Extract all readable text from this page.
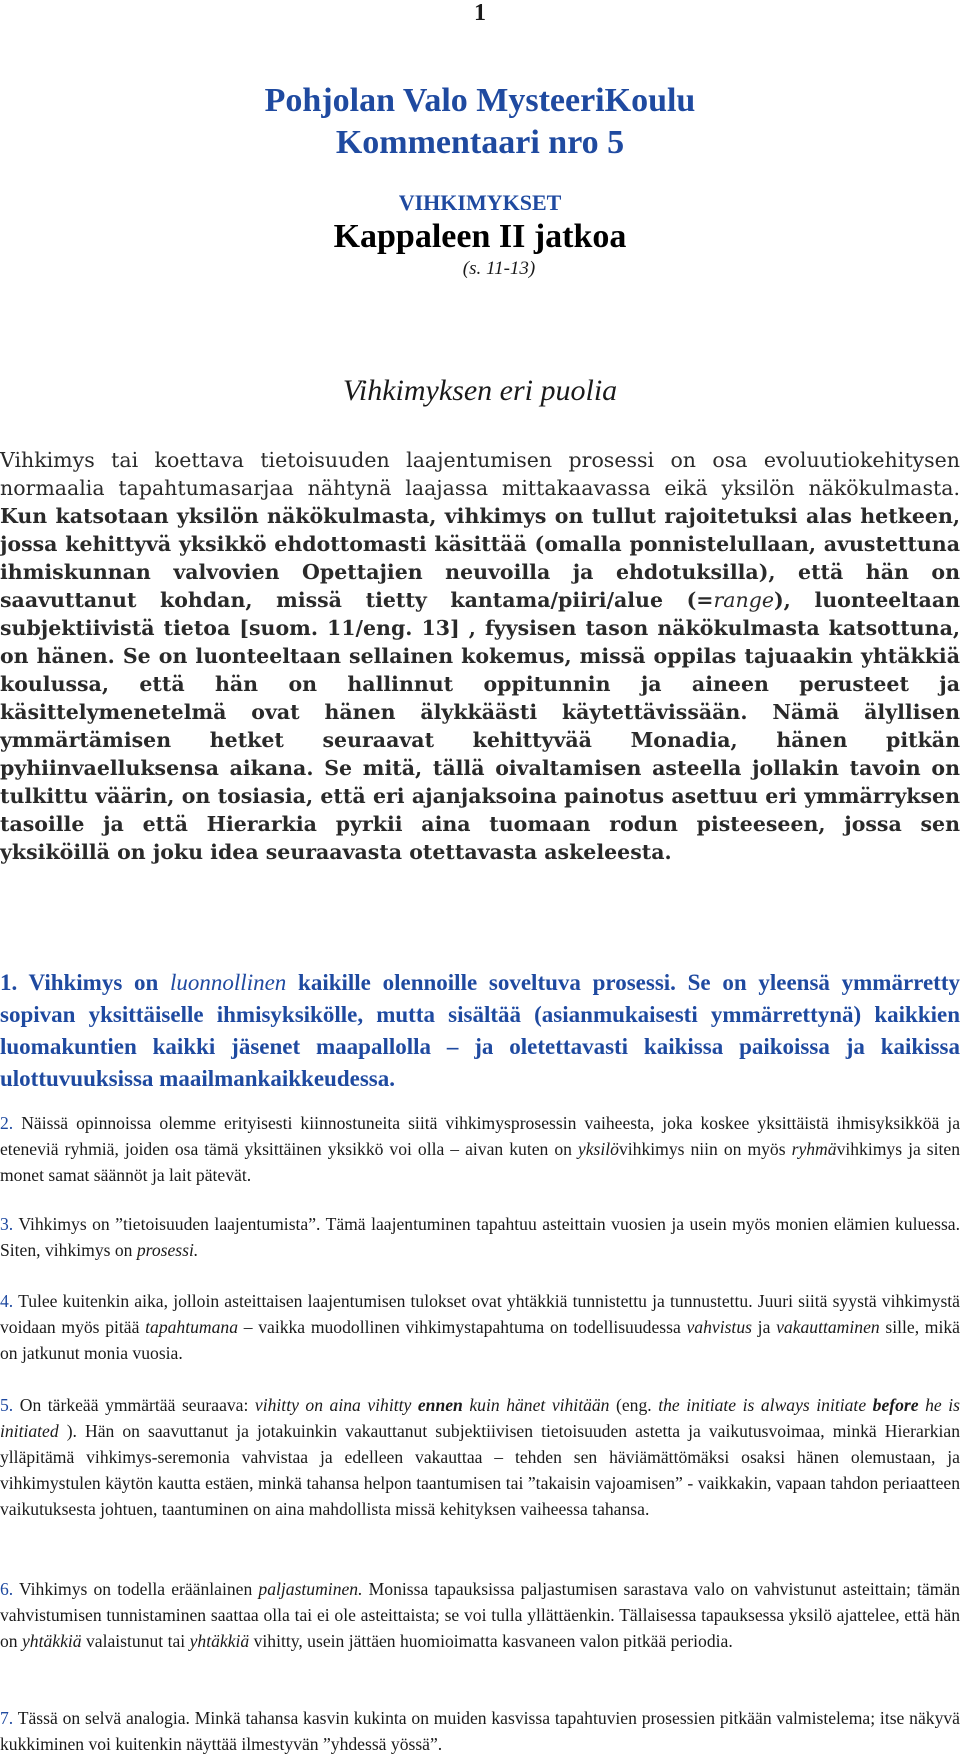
1
Pohjolan Valo MysteeriKoulu
Kommentaari nro 5
VIHKIMYKSET
Kappaleen II jatkoa
(s. 11-13)
Vihkimyksen eri puolia
Vihkimys tai koettava tietoisuuden laajentumisen prosessi on osa evoluutiokehitysen normaalia tapahtumasarjaa nähtynä laajassa mittakaavassa eikä yksilön näkökulmasta. Kun katsotaan yksilön näkökulmasta, vihkimys on tullut rajoitetuksi alas hetkeen, jossa kehittyvä yksikkö ehdottomasti käsittää (omalla ponnistelullaan, avustettuna ihmiskunnan valvovien Opettajien neuvoilla ja ehdotuksilla), että hän on saavuttanut kohdan, missä tietty kantama/piiri/alue (=range), luonteeltaan subjektiivistä tietoa [suom. 11/eng. 13] , fyysisen tason näkökulmasta katsottuna, on hänen. Se on luonteeltaan sellainen kokemus, missä oppilas tajuaakin yhtäkkiä koulussa, että hän on hallinnut oppitunnin ja aineen perusteet ja käsittelymenetelmä ovat hänen älykkäästi käytettävissään. Nämä älyllisen ymmärtämisen hetket seuraavat kehittyvää Monadia, hänen pitkän pyhiinvaelluksensa aikana. Se mitä, tällä oivaltamisen asteella jollakin tavoin on tulkittu väärin, on tosiasia, että eri ajanjaksoina painotus asettuu eri ymmärryksen tasoille ja että Hierarkia pyrkii aina tuomaan rodun pisteeseen, jossa sen yksiköillä on joku idea seuraavasta otettavasta askeleesta.
1. Vihkimys on luonnollinen kaikille olennoille soveltuva prosessi. Se on yleensä ymmärretty sopivan yksittäiselle ihmisyksikölle, mutta sisältää (asianmukaisesti ymmärrettynä) kaikkien luomakuntien kaikki jäsenet maapallolla – ja oletettavasti kaikissa paikoissa ja kaikissa ulottuvuuksissa maailmankaikkeudessa.
2. Näissä opinnoissa olemme erityisesti kiinnostuneita siitä vihkimysprosessin vaiheesta, joka koskee yksittäistä ihmisyksikköä ja eteneviä ryhmiä, joiden osa tämä yksittäinen yksikkö voi olla – aivan kuten on yksilövihkimys niin on myös ryhmävihkimys ja siten monet samat säännöt ja lait pätevät.
3. Vihkimys on ”tietoisuuden laajentumista”. Tämä laajentuminen tapahtuu asteittain vuosien ja usein myös monien elämien kuluessa. Siten, vihkimys on prosessi.
4. Tulee kuitenkin aika, jolloin asteittaisen laajentumisen tulokset ovat yhtäkkiä tunnistettu ja tunnustettu. Juuri siitä syystä vihkimystä voidaan myös pitää tapahtumana – vaikka muodollinen vihkimystapahtuma on todellisuudessa vahvistus ja vakauttaminen sille, mikä on jatkunut monia vuosia.
5. On tärkeää ymmärtää seuraava: vihitty on aina vihitty ennen kuin hänet vihitään (eng. the initiate is always initiate before he is initiated ). Hän on saavuttanut ja jotakuinkin vakauttanut subjektiivisen tietoisuuden astetta ja vaikutusvoimaa, minkä Hierarkian ylläpitämä vihkimys-seremonia vahvistaa ja edelleen vakauttaa – tehden sen häviämättömäksi osaksi hänen olemustaan, ja vihkimystulen käytön kautta estäen, minkä tahansa helpon taantumisen tai ”takaisin vajoamisen” - vaikkakin, vapaan tahdon periaatteen vaikutuksesta johtuen, taantuminen on aina mahdollista missä kehityksen vaiheessa tahansa.
6. Vihkimys on todella eräänlainen paljastuminen. Monissa tapauksissa paljastumisen sarastava valo on vahvistunut asteittain; tämän vahvistumisen tunnistaminen saattaa olla tai ei ole asteittaista; se voi tulla yllättäenkin. Tällaisessa tapauksessa yksilö ajattelee, että hän on yhtäkkiä valaistunut tai yhtäkkiä vihitty, usein jättäen huomioimatta kasvaneen valon pitkää periodia.
7. Tässä on selvä analogia. Minkä tahansa kasvin kukinta on muiden kasvissa tapahtuvien prosessien pitkään valmistelema; itse näkyvä kukkiminen voi kuitenkin näyttää ilmestyvän ”yhdessä yössä”.
